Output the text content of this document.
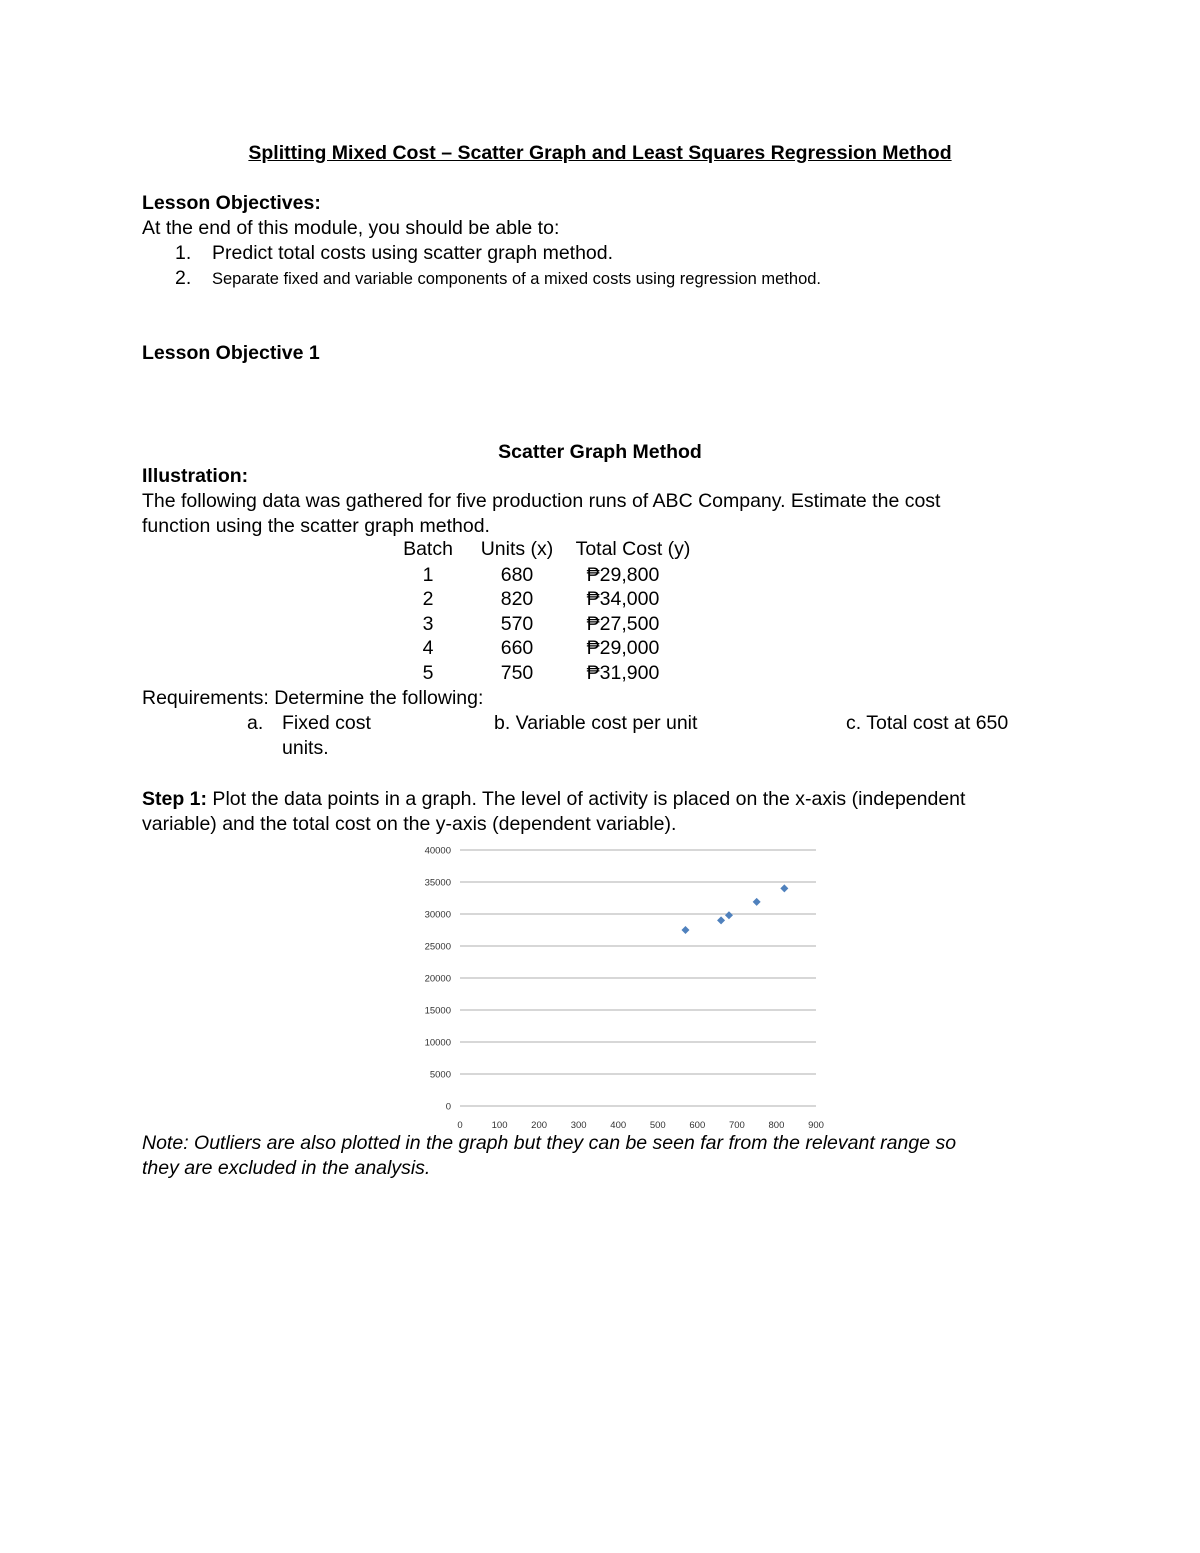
Splitting Mixed Cost – Scatter Graph and Least Squares Regression Method
Lesson Objectives:
At the end of this module, you should be able to:
1. Predict total costs using scatter graph method.
2. Separate fixed and variable components of a mixed costs using regression method.
Lesson Objective 1
Scatter Graph Method
Illustration:
The following data was gathered for five production runs of ABC Company. Estimate the cost
function using the scatter graph method.
Batch	Units (x)	Total Cost (y)
1	680	₱29,800
2	820	₱34,000
3	570	₱27,500
4	660	₱29,000
5	750	₱31,900
Requirements: Determine the following:
a. Fixed cost	b. Variable cost per unit	c. Total cost at 650
units.
Step 1: Plot the data points in a graph. The level of activity is placed on the x-axis (independent
variable) and the total cost on the y-axis (dependent variable).
0
5000
10000
15000
20000
25000
30000
35000
40000
0	100 200 300 400 500 600 700 800 900
Note: Outliers are also plotted in the graph but they can be seen far from the relevant range so
they are excluded in the analysis.
